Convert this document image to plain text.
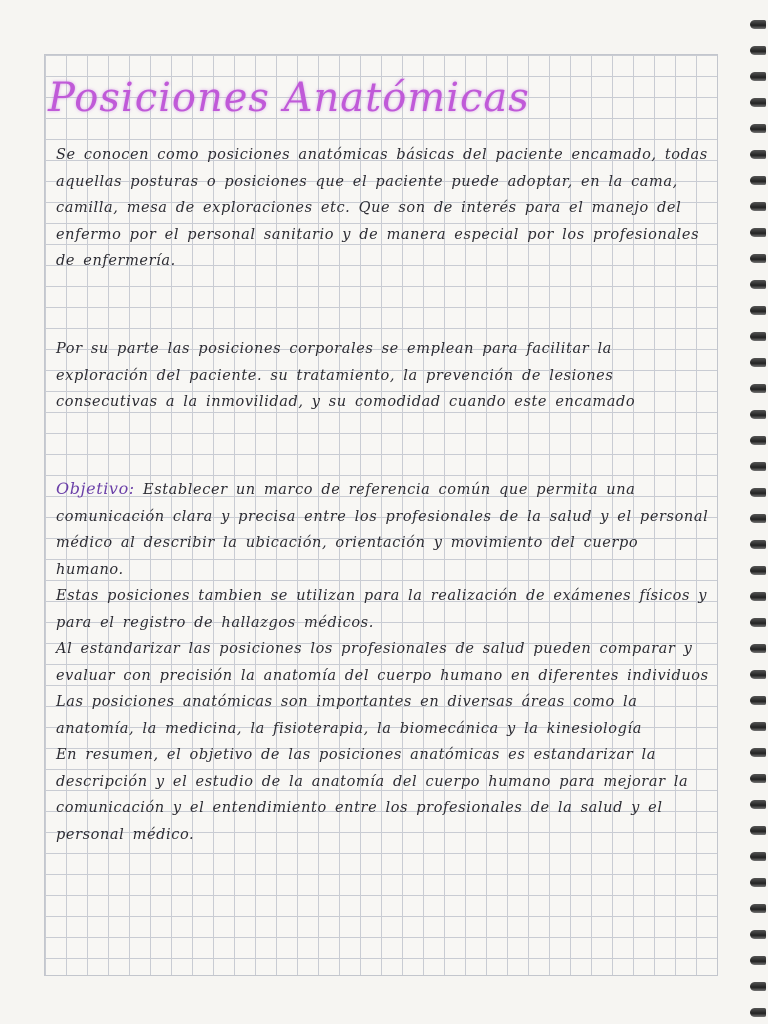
Posiciones Anatómicas
Se conocen como posiciones anatómicas básicas del paciente encamado, todas aquellas posturas o posiciones que el paciente puede adoptar, en la cama, camilla, mesa de exploraciones etc. Que son de interés para el manejo del enfermo por el personal sanitario y de manera especial por los profesionales de enfermería.
Por su parte las posiciones corporales se emplean para facilitar la exploración del paciente. su tratamiento, la prevención de lesiones consecutivas a la inmovilidad, y su comodidad cuando este encamado
Objetivo: Establecer un marco de referencia común que permita una comunicación clara y precisa entre los profesionales de la salud y el personal médico al describir la ubicación, orientación y movimiento del cuerpo humano.
Estas posiciones tambien se utilizan para la realización de exámenes físicos y para el registro de hallazgos médicos.
Al estandarizar las posiciones los profesionales de salud pueden comparar y evaluar con precisión la anatomía del cuerpo humano en diferentes individuos
Las posiciones anatómicas son importantes en diversas áreas como la anatomía, la medicina, la fisioterapia, la biomecánica y la kinesiología
En resumen, el objetivo de las posiciones anatómicas es estandarizar la descripción y el estudio de la anatomía del cuerpo humano para mejorar la comunicación y el entendimiento entre los profesionales de la salud y el personal médico.
